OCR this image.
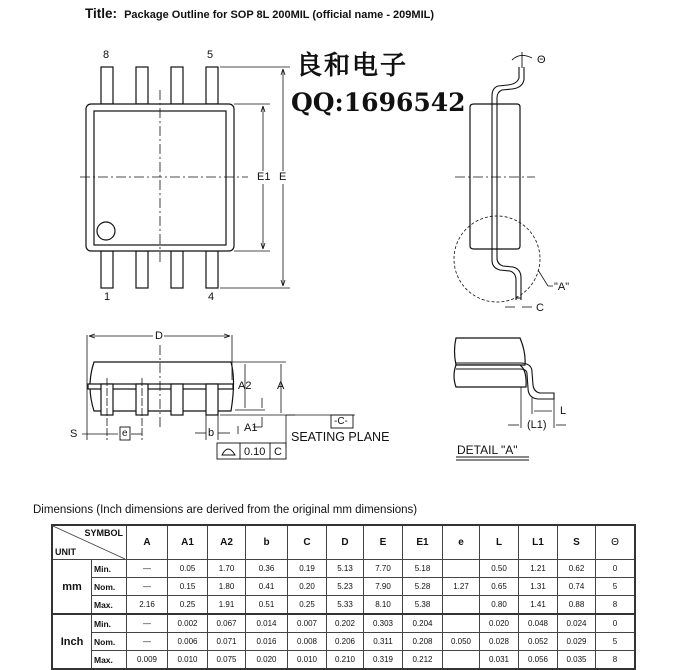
Title: Package Outline for SOP 8L 200MIL (official name - 209MIL)
8	5
1	4
E1 E
良和电子
QQ:1696542
Θ
"A"
C
D
A2 A
A1
S	e	b
-C-
SEATING PLANE
0.10 C
L
(L1)
DETAIL "A"
Dimensions (Inch dimensions are derived from the original mm dimensions)
SYMBOL
UNIT		A	A1	A2	b	C	D	E	E1	e	L	L1	S	Θ
mm	Min.	—	0.05	1.70	0.36	0.19	5.13	7.70	5.18		0.50	1.21	0.62	0
	Nom.	—	0.15	1.80	0.41	0.20	5.23	7.90	5.28	1.27	0.65	1.31	0.74	5
	Max.	2.16	0.25	1.91	0.51	0.25	5.33	8.10	5.38		0.80	1.41	0.88	8
Inch	Min.	—	0.002	0.067	0.014	0.007	0.202	0.303	0.204		0.020	0.048	0.024	0
	Nom.	—	0.006	0.071	0.016	0.008	0.206	0.311	0.208	0.050	0.028	0.052	0.029	5
	Max.	0.009	0.010	0.075	0.020	0.010	0.210	0.319	0.212		0.031	0.056	0.035	8
